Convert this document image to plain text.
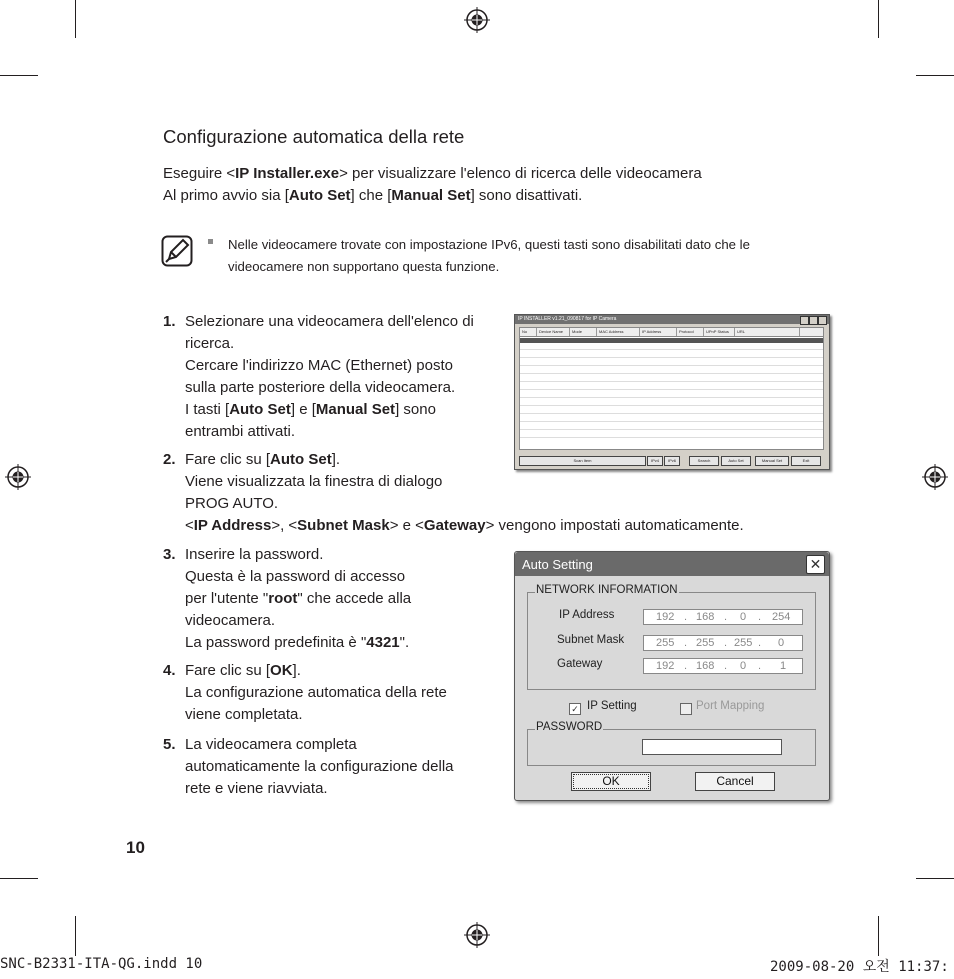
Configurazione automatica della rete
Eseguire <IP Installer.exe> per visualizzare l'elenco di ricerca delle videocamera
Al primo avvio sia [Auto Set] che [Manual Set] sono disattivati.
Nelle videocamere trovate con impostazione IPv6, questi tasti sono disabilitati dato che le videocamere non supportano questa funzione.
1. Selezionare una videocamera dell'elenco di
ricerca.
Cercare l'indirizzo MAC (Ethernet) posto
sulla parte posteriore della videocamera.
I tasti [Auto Set] e [Manual Set] sono
entrambi attivati.
2. Fare clic su [Auto Set].
Viene visualizzata la finestra di dialogo
PROG AUTO.
<IP Address>, <Subnet Mask> e <Gateway> vengono impostati automaticamente.
3. Inserire la password.
Questa è la password di accesso
per l'utente "root" che accede alla
videocamera.
La password predefinita è "4321".
4. Fare clic su [OK].
La configurazione automatica della rete
viene completata.
5. La videocamera completa
automaticamente la configurazione della
rete e viene riavviata.
IP INSTALLER v1.21_090817 for IP Camera
No	Device Name	Mode	MAC Address	IP Address	Protocol	UPnP Status	URL
Scan Item	IPv4	IPv6	Search	Auto Set	Manual Set	Exit
Auto Setting	✕
NETWORK INFORMATION
IP Address	192 . 168 . 0 . 254
Subnet Mask	255 . 255 . 255 . 0
Gateway	192 . 168 . 0 . 1
✓ IP Setting	Port Mapping
PASSWORD
OK	Cancel
10
SNC-B2331-ITA-QG.indd 10	2009-08-20 오전 11:37:
